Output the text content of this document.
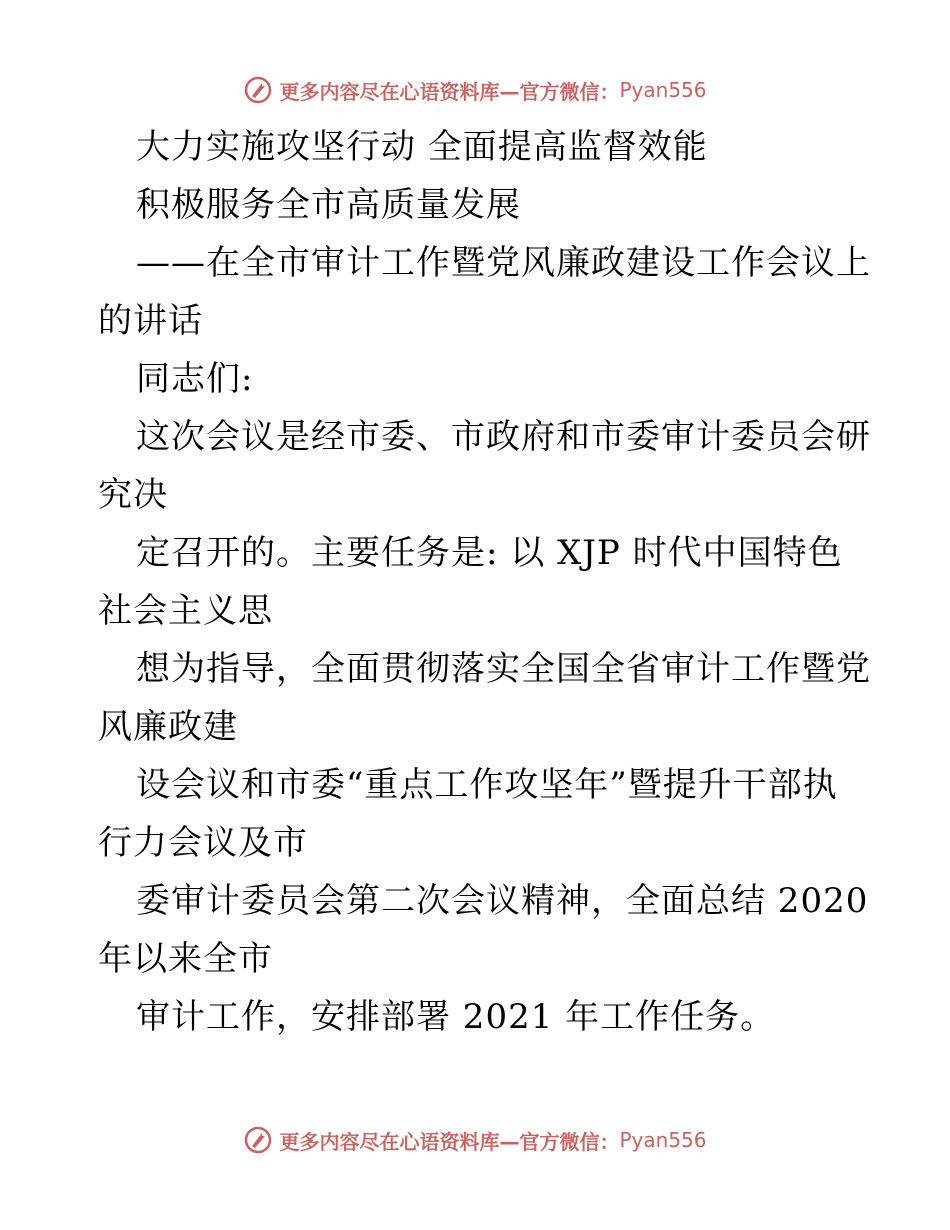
更多内容尽在心语资料库—官方微信： Pyan556
大力实施攻坚行动 全面提高监督效能
积极服务全市高质量发展
——在全市审计工作暨党风廉政建设工作会议上
的讲话
同志们:
这次会议是经市委、市政府和市委审计委员会研
究决
定召开的。主要任务是: 以 XJP 时代中国特色
社会主义思
想为指导，全面贯彻落实全国全省审计工作暨党
风廉政建
设会议和市委“重点工作攻坚年”暨提升干部执
行力会议及市
委审计委员会第二次会议精神，全面总结 2020
年以来全市
审计工作，安排部署 2021 年工作任务。
更多内容尽在心语资料库—官方微信： Pyan556
